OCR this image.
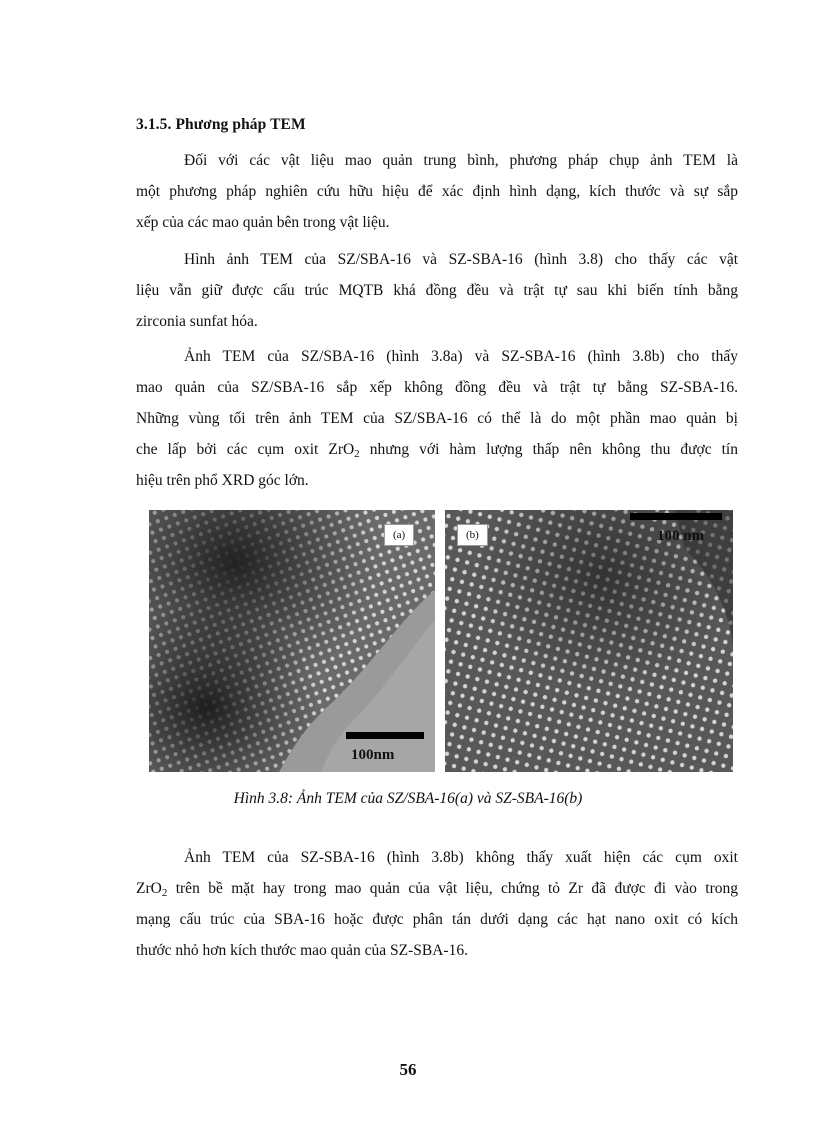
3.1.5. Phương pháp TEM
Đối với các vật liệu mao quản trung bình, phương pháp chụp ảnh TEM là
một phương pháp nghiên cứu hữu hiệu để xác định hình dạng, kích thước và sự sắp
xếp của các mao quản bên trong vật liệu.
Hình ảnh TEM của SZ/SBA-16 và SZ-SBA-16 (hình 3.8) cho thấy các vật
liệu vẫn giữ được cấu trúc MQTB khá đồng đều và trật tự sau khi biến tính bằng
zirconia sunfat hóa.
Ảnh TEM của SZ/SBA-16 (hình 3.8a) và SZ-SBA-16 (hình 3.8b) cho thấy
mao quản của SZ/SBA-16 sắp xếp không đồng đều và trật tự bằng SZ-SBA-16.
Những vùng tối trên ảnh TEM của SZ/SBA-16 có thể là do một phần mao quản bị
che lấp bởi các cụm oxit ZrO$_2$ nhưng với hàm lượng thấp nên không thu được tín
hiệu trên phổ XRD góc lớn.
(a)
100nm
(b)	100 nm
Hình 3.8: Ảnh TEM của SZ/SBA-16(a) và SZ-SBA-16(b)
Ảnh TEM của SZ-SBA-16 (hình 3.8b) không thấy xuất hiện các cụm oxit
ZrO$_2$ trên bề mặt hay trong mao quản của vật liệu, chứng tỏ Zr đã được đi vào trong
mạng cấu trúc của SBA-16 hoặc được phân tán dưới dạng các hạt nano oxit có kích
thước nhỏ hơn kích thước mao quản của SZ-SBA-16.
56
